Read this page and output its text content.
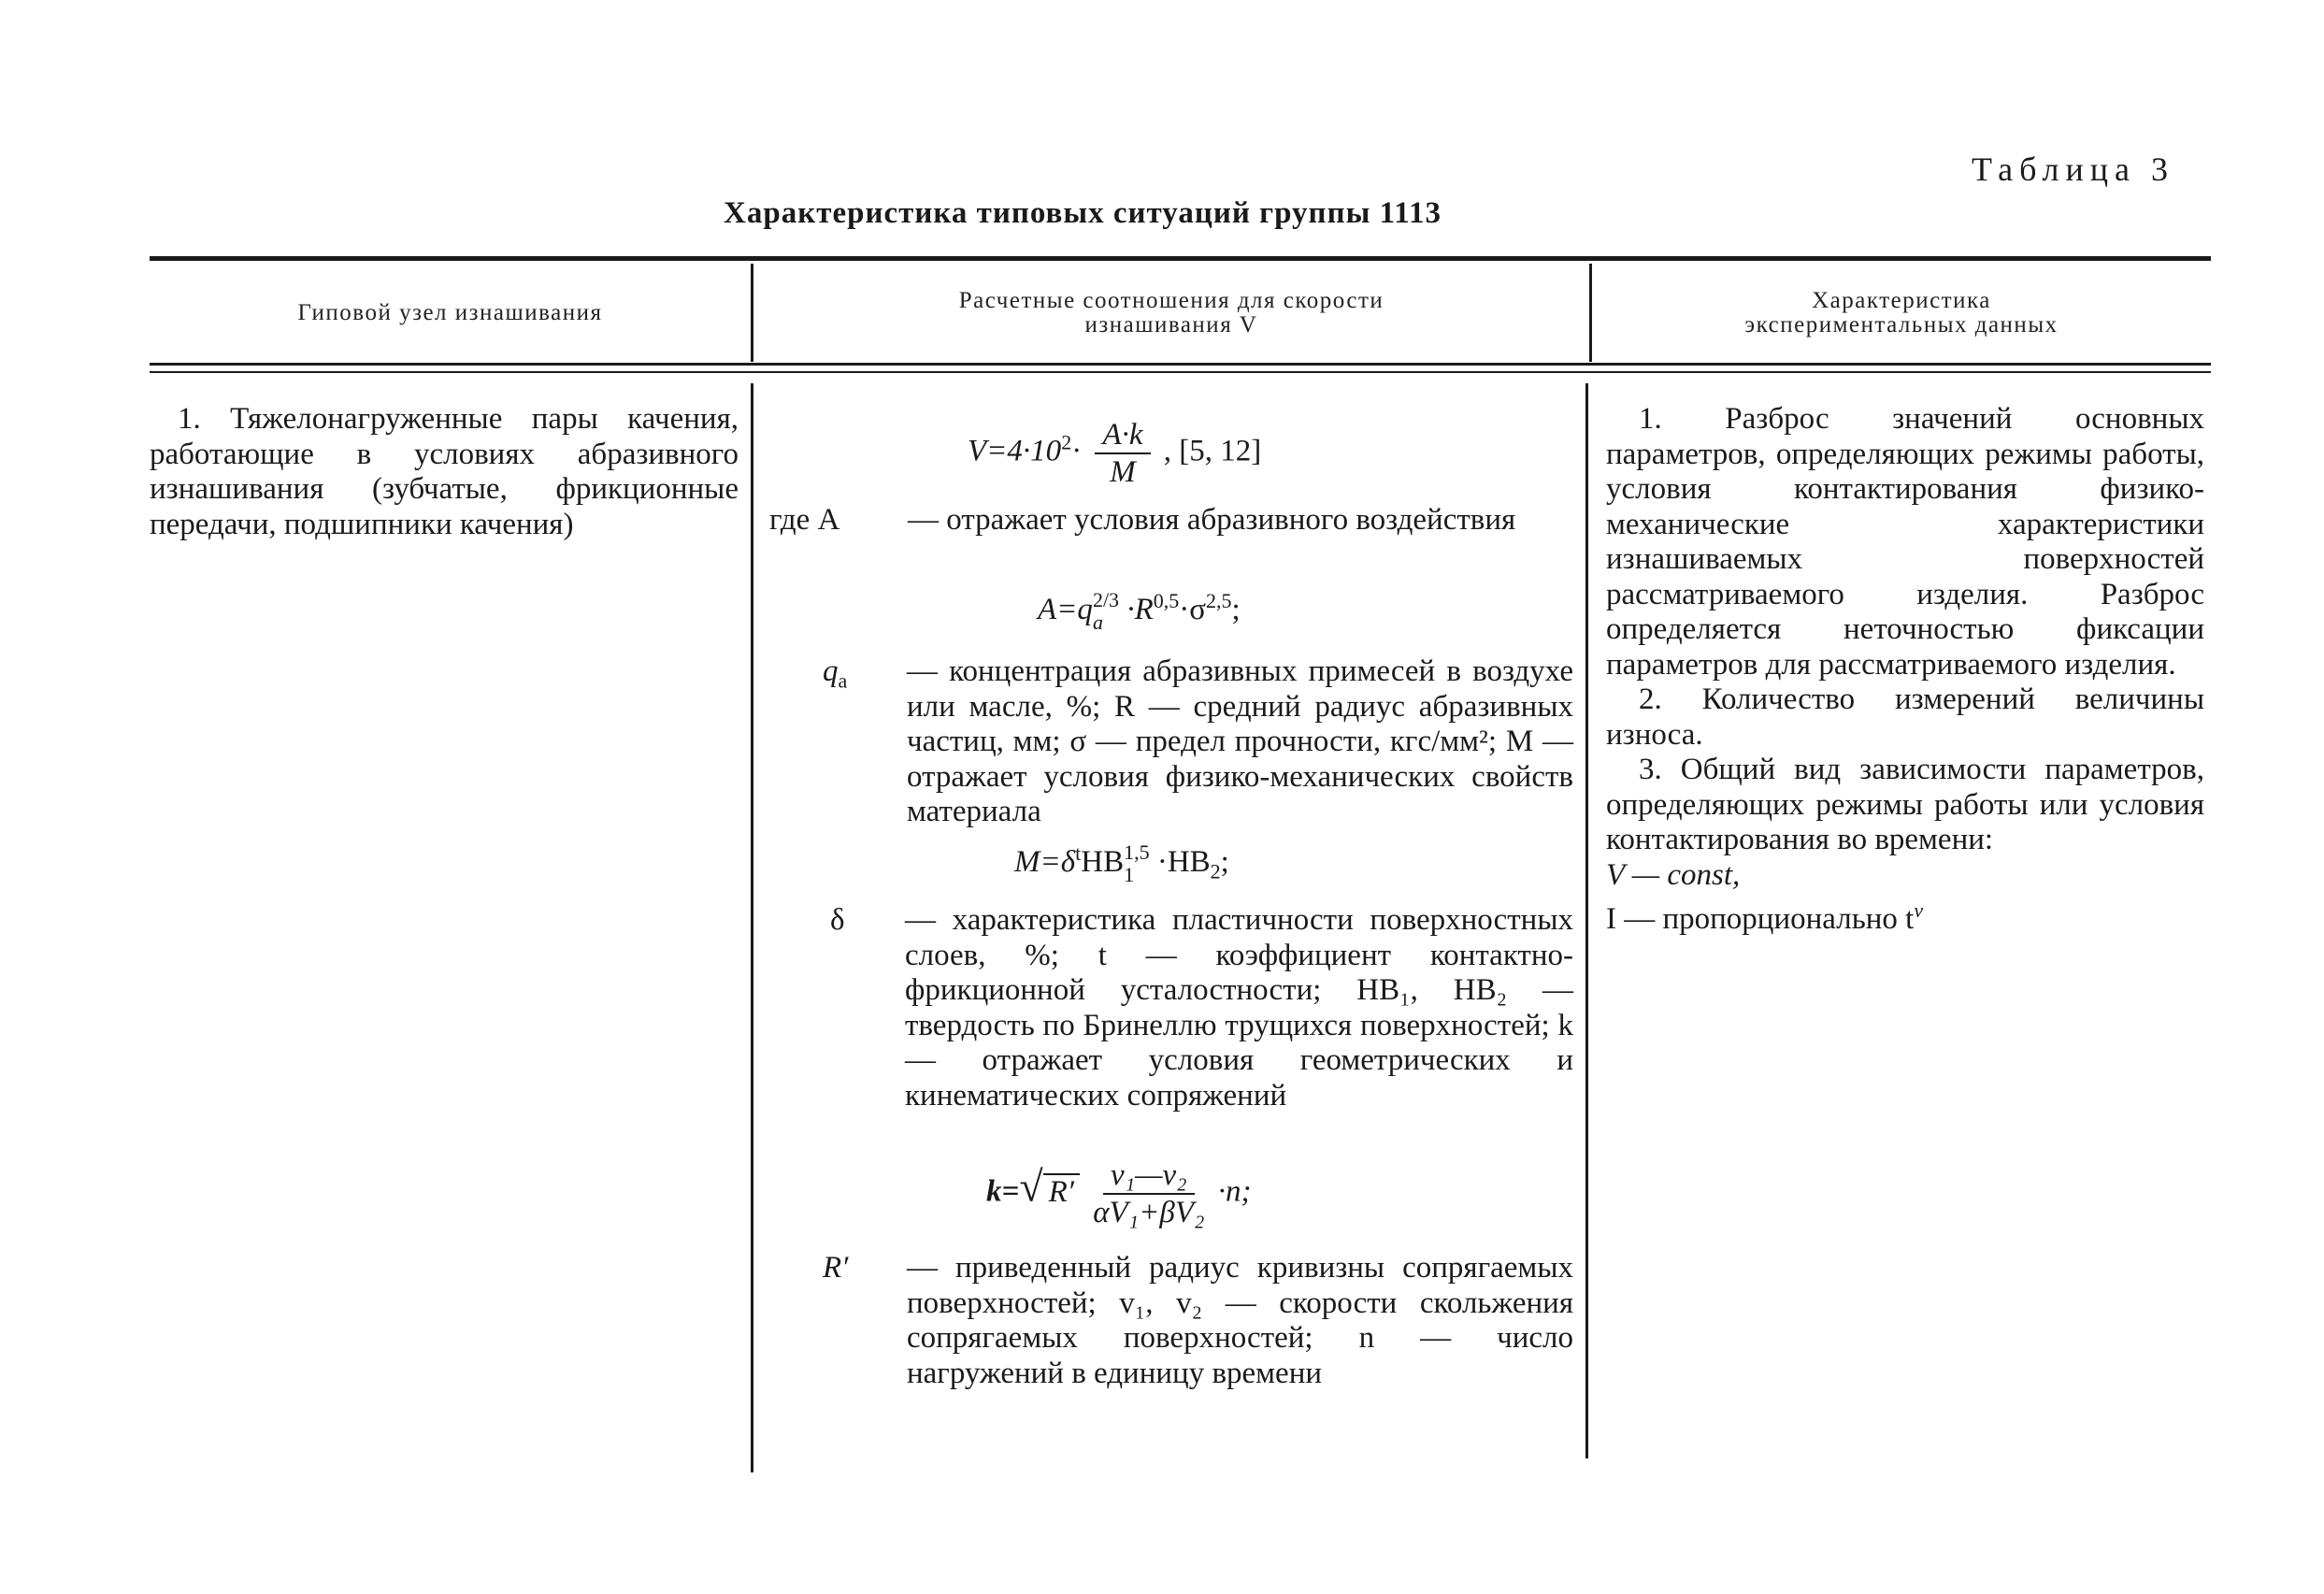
Таблица 3
Характеристика типовых ситуаций группы 1113
Гиповой узел изнашивания	Расчетные соотношения для скорости
изнашивания V
Характеристика
экспериментальных данных

1. Тяжелонагруженные пары качения, работающие в условиях абразивного изнашивания (зубчатые, фрикционные передачи, подшипники качения)

$V=4\cdot 10^2\cdot \frac{A\cdot k}{M}$ , [5, 12]
где A — отражает условия абразивного воздействия
A=q 2/3
$a \cdot R^{0,5}\cdot\sigma^{2,5}$;
$q_a$ — концентрация абразивных примесей в воздухе или масле, %; R — средний радиус абразивных частиц, мм; σ — предел прочности, кгс/мм²; M — отражает условия физико-механических свойств материала
$M=\delta^tHB$ 1,5
$1 \cdot HB_2$;
δ — характеристика пластичности поверхностных слоев, %; t — коэффициент контактно-фрикционной усталостности; HB₁, HB₂ — твердость по Бринеллю трущихся поверхностей; k — отражает условия геометрических и кинематических сопряжений
k=√ $R' \frac{\text{v₁—v₂}}{\text{αV₁+βV₂}} \cdot n$;
R′ — приведенный радиус кривизны сопрягаемых поверхностей; v₁, v₂ — скорости скольжения сопрягаемых поверхностей; n — число нагружений в единицу времени

1. Разброс значений основных параметров, определяющих режимы работы, условия контактирования физико-механические характеристики изнашиваемых поверхностей рассматриваемого изделия. Разброс определяется неточностью фиксации параметров для рассматриваемого изделия.

2. Количество измерений величины износа.

3. Общий вид зависимости параметров, определяющих режимы работы или условия контактирования во времени:

V — const,

I — пропорционально $t^\nu$
